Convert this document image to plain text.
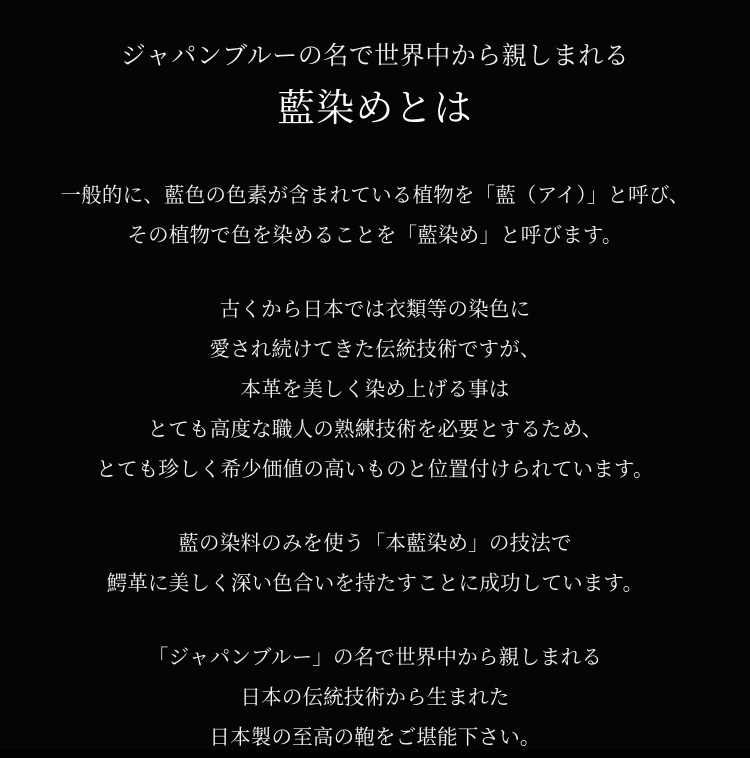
ジャパンブルーの名で世界中から親しまれる
藍染めとは

一般的に、藍色の色素が含まれている植物を「藍（アイ）」と呼び、
その植物で色を染めることを「藍染め」と呼びます。

古くから日本では衣類等の染色に
愛され続けてきた伝統技術ですが、
本革を美しく染め上げる事は
とても高度な職人の熟練技術を必要とするため、
とても珍しく希少価値の高いものと位置付けられています。

藍の染料のみを使う「本藍染め」の技法で
鰐革に美しく深い色合いを持たすことに成功しています。

「ジャパンブルー」の名で世界中から親しまれる
日本の伝統技術から生まれた
日本製の至高の鞄をご堪能下さい。
